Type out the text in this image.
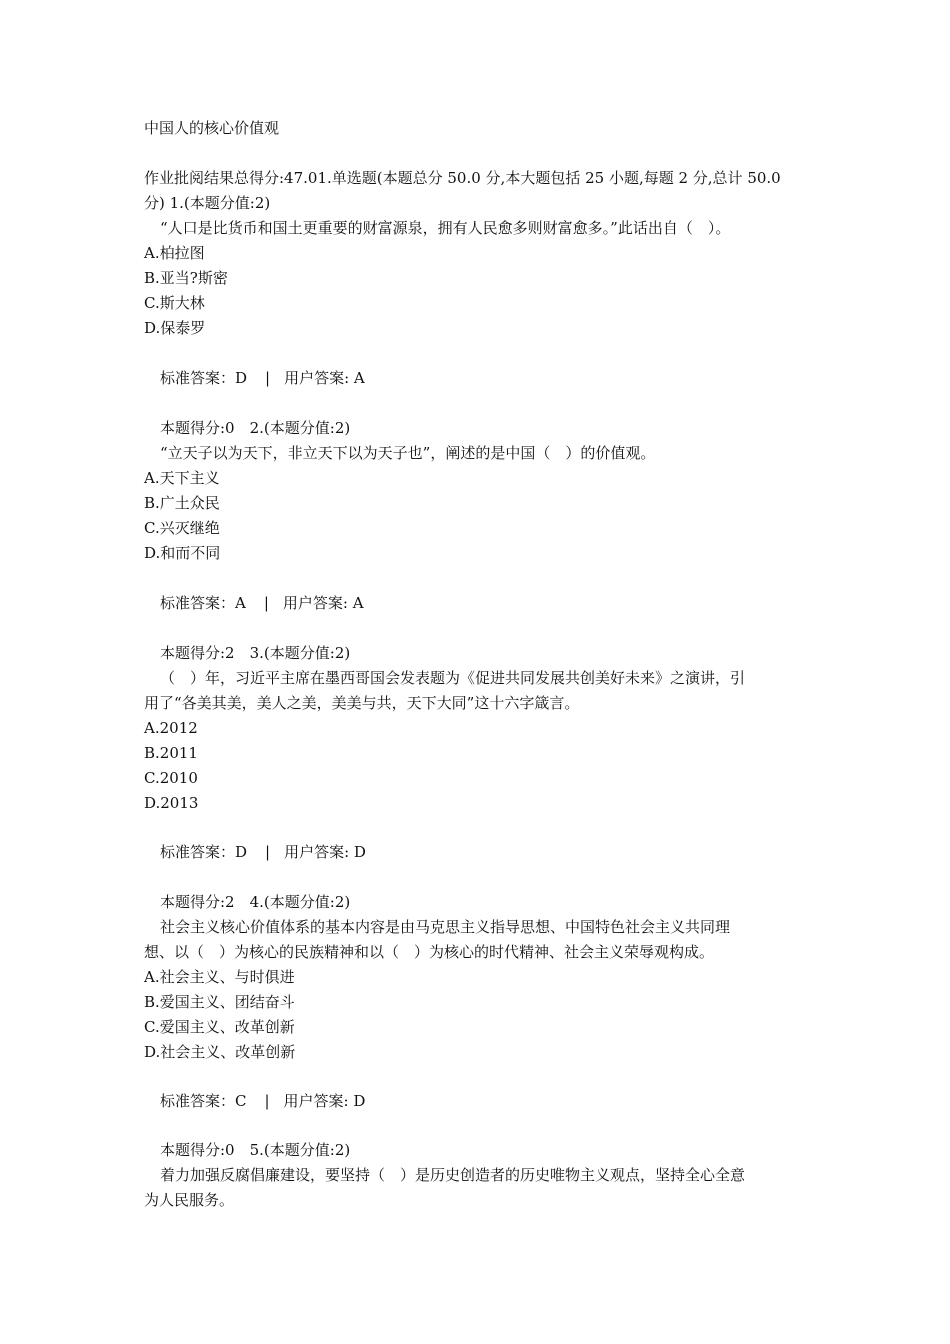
中国人的核心价值观
作业批阅结果总得分:47.01.单选题(本题总分 50.0 分,本大题包括 25 小题,每题 2 分,总计 50.0
分) 1.(本题分值:2)
“人口是比货币和国土更重要的财富源泉，拥有人民愈多则财富愈多。”此话出自（　）。
A.柏拉图
B.亚当?斯密
C.斯大林
D.保泰罗
标准答案：D | 用户答案: A
本题得分:0　2.(本题分值:2)
“立天子以为天下，非立天下以为天子也”，阐述的是中国（　）的价值观。
A.天下主义
B.广土众民
C.兴灭继绝
D.和而不同
标准答案：A | 用户答案: A
本题得分:2　3.(本题分值:2)
（　）年，习近平主席在墨西哥国会发表题为《促进共同发展共创美好未来》之演讲，引
用了“各美其美，美人之美，美美与共，天下大同”这十六字箴言。
A.2012
B.2011
C.2010
D.2013
标准答案：D | 用户答案: D
本题得分:2　4.(本题分值:2)
社会主义核心价值体系的基本内容是由马克思主义指导思想、中国特色社会主义共同理
想、以（　）为核心的民族精神和以（　）为核心的时代精神、社会主义荣辱观构成。
A.社会主义、与时俱进
B.爱国主义、团结奋斗
C.爱国主义、改革创新
D.社会主义、改革创新
标准答案：C | 用户答案: D
本题得分:0　5.(本题分值:2)
着力加强反腐倡廉建设，要坚持（　）是历史创造者的历史唯物主义观点，坚持全心全意
为人民服务。
